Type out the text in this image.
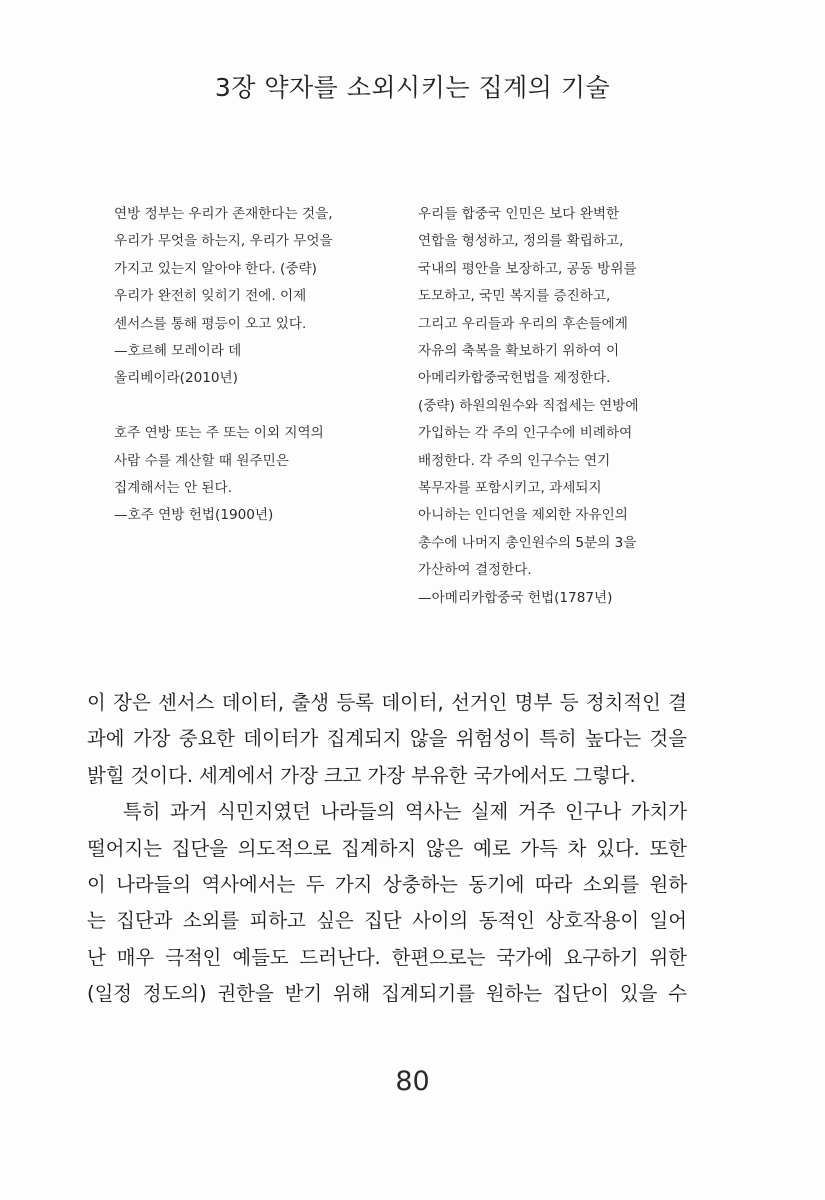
3장 약자를 소외시키는 집계의 기술
연방 정부는 우리가 존재한다는 것을,
우리가 무엇을 하는지, 우리가 무엇을
가지고 있는지 알아야 한다. (중략)
우리가 완전히 잊히기 전에. 이제
센서스를 통해 평등이 오고 있다.
—호르헤 모레이라 데
올리베이라(2010년)
호주 연방 또는 주 또는 이외 지역의
사람 수를 계산할 때 원주민은
집계해서는 안 된다.
—호주 연방 헌법(1900년)
우리들 합중국 인민은 보다 완벽한
연합을 형성하고, 정의를 확립하고,
국내의 평안을 보장하고, 공동 방위를
도모하고, 국민 복지를 증진하고,
그리고 우리들과 우리의 후손들에게
자유의 축복을 확보하기 위하여 이
아메리카합중국헌법을 제정한다.
(중략) 하원의원수와 직접세는 연방에
가입하는 각 주의 인구수에 비례하여
배정한다. 각 주의 인구수는 연기
복무자를 포함시키고, 과세되지
아니하는 인디언을 제외한 자유인의
총수에 나머지 총인원수의 5분의 3을
가산하여 결정한다.
—아메리카합중국 헌법(1787년)

이 장은 센서스 데이터, 출생 등록 데이터, 선거인 명부 등 정치적인 결
과에 가장 중요한 데이터가 집계되지 않을 위험성이 특히 높다는 것을
밝힐 것이다. 세계에서 가장 크고 가장 부유한 국가에서도 그렇다.

특히 과거 식민지였던 나라들의 역사는 실제 거주 인구나 가치가
떨어지는 집단을 의도적으로 집계하지 않은 예로 가득 차 있다. 또한
이 나라들의 역사에서는 두 가지 상충하는 동기에 따라 소외를 원하
는 집단과 소외를 피하고 싶은 집단 사이의 동적인 상호작용이 일어
난 매우 극적인 예들도 드러난다. 한편으로는 국가에 요구하기 위한
(일정 정도의) 권한을 받기 위해 집계되기를 원하는 집단이 있을 수

80
